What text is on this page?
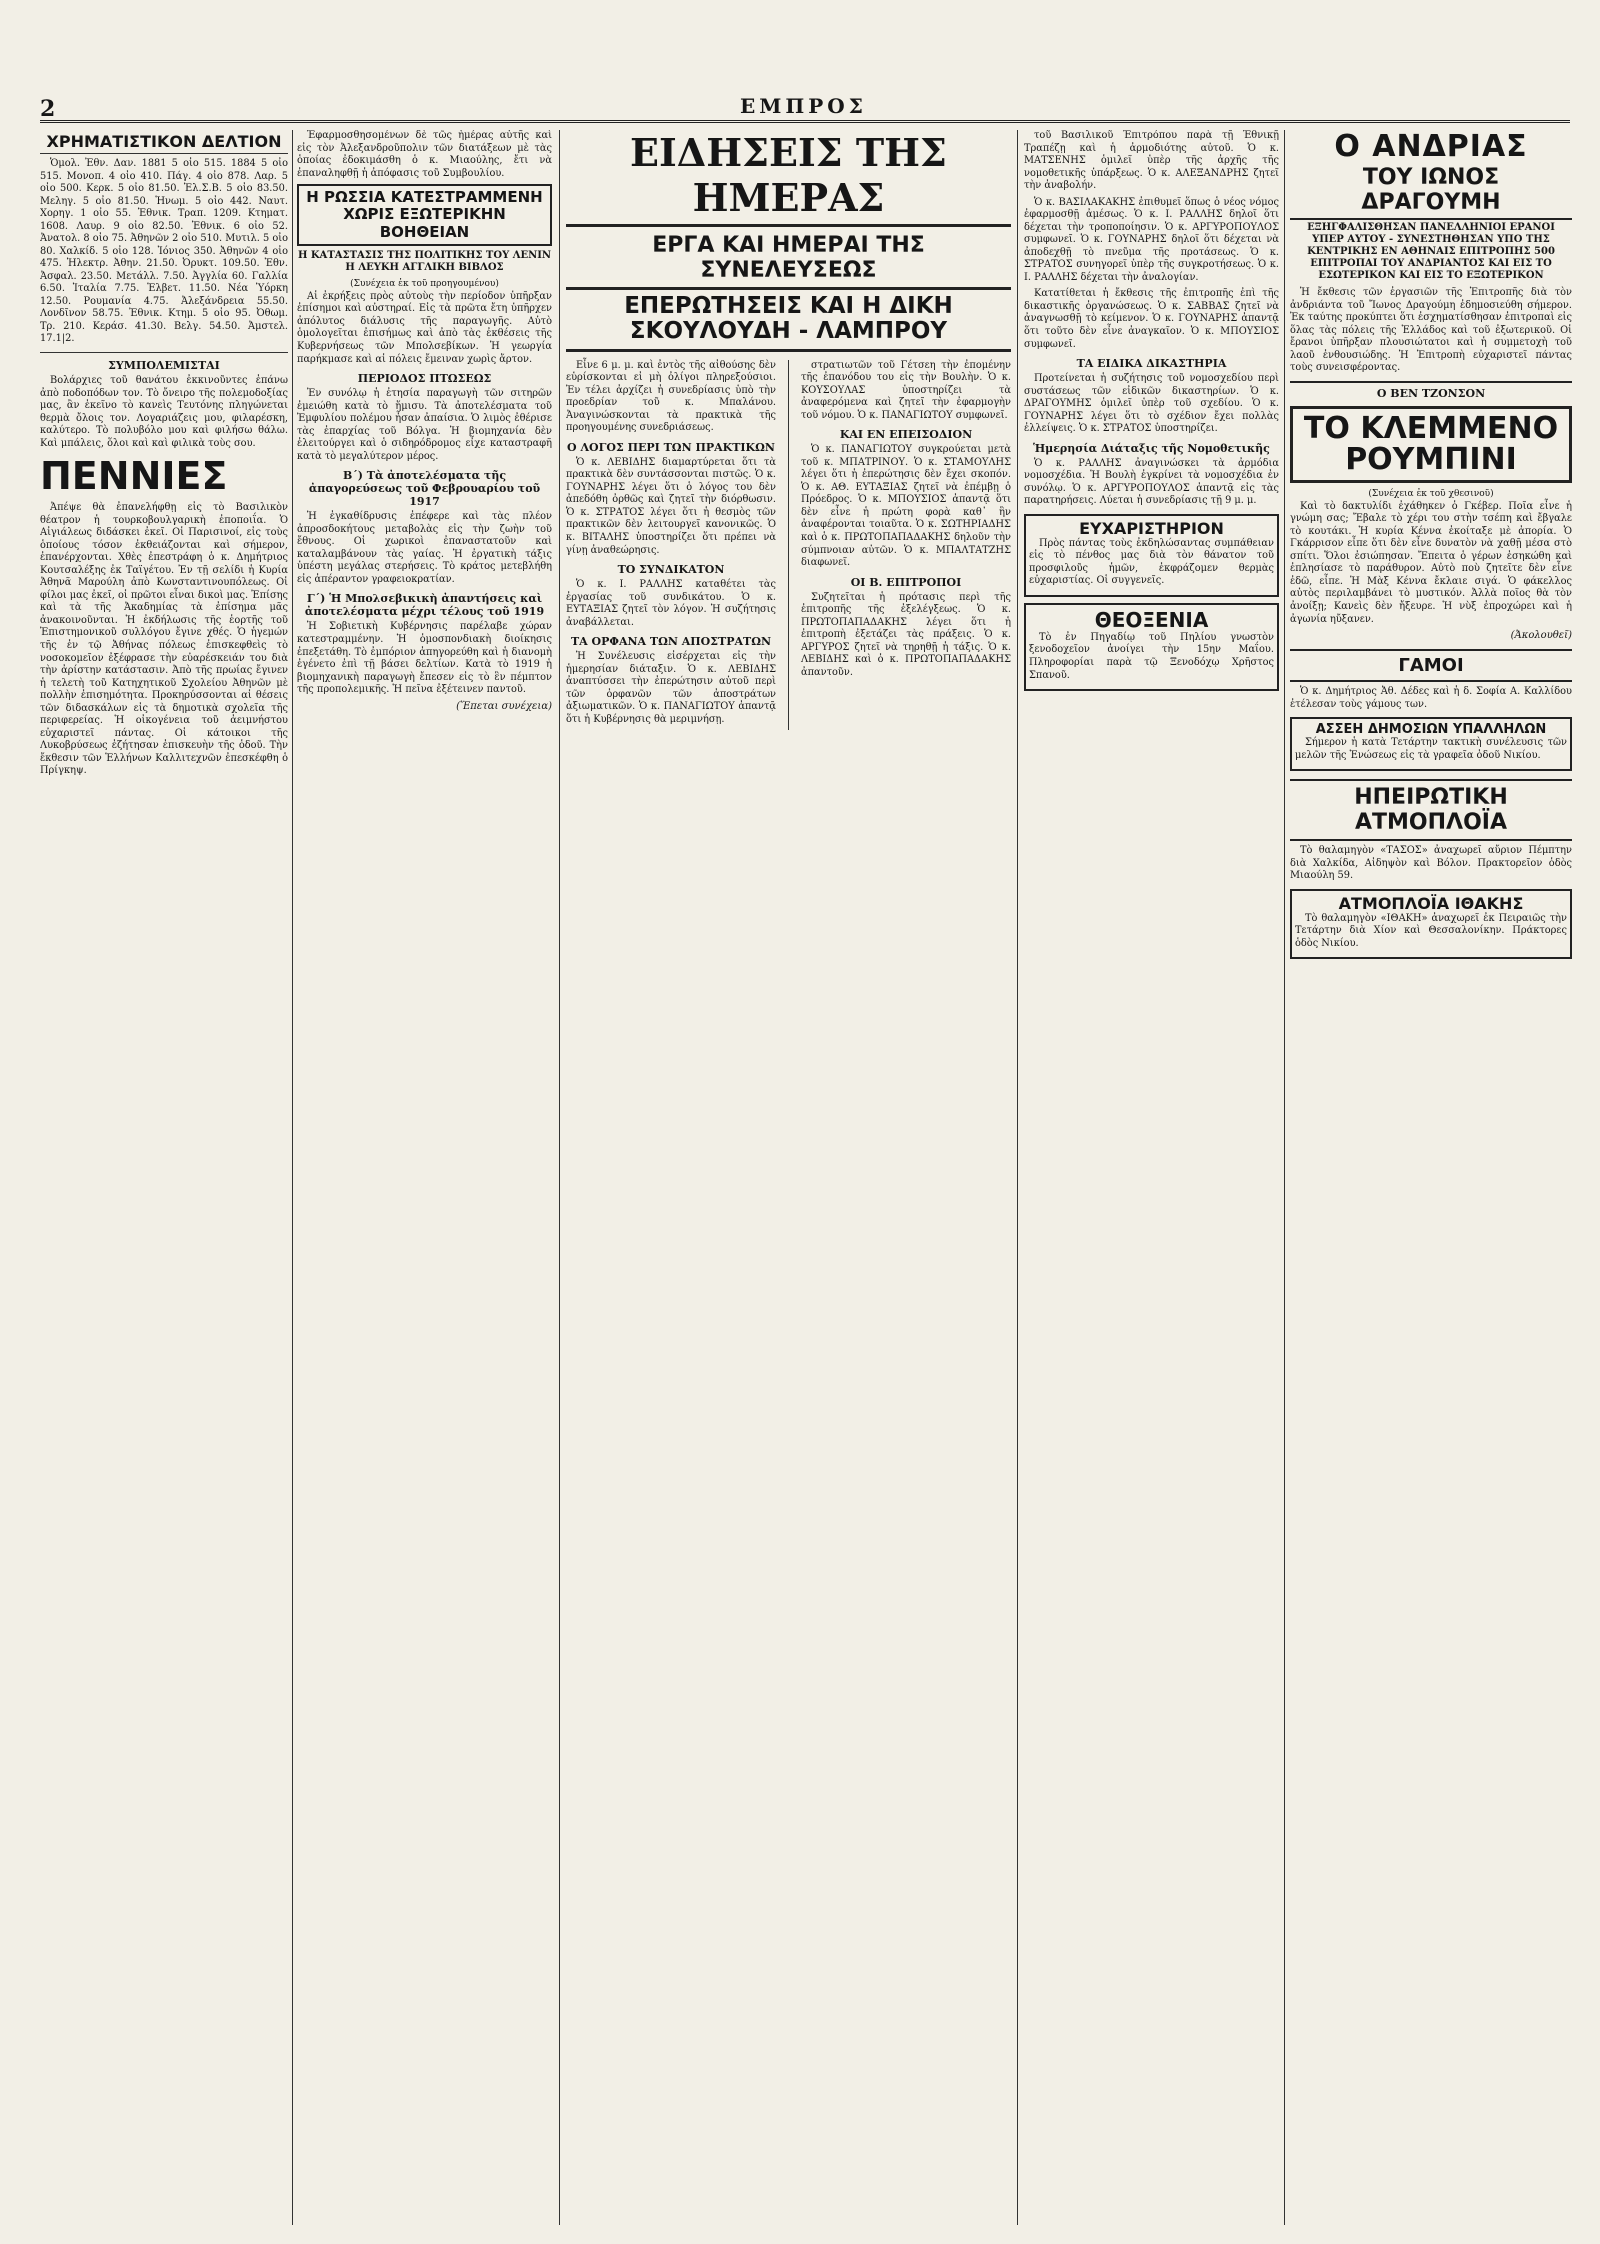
2	ΕΜΠΡΟΣ
ΧΡΗΜΑΤΙΣΤΙΚΟΝ ΔΕΛΤΙΟΝ

Ὁμολ. Ἐθν. Δαν. 1881 5 οἰο 515. 1884 5 οἰο 515. Μονοπ. 4 οἰο 410. Πάγ. 4 οἰο 878. Λαρ. 5 οἰο 500. Κερκ. 5 οἰο 81.50. Ἐλ.Σ.Β. 5 οἰο 83.50. Μεληγ. 5 οἰο 81.50. Ἡνωμ. 5 οἰο 442. Ναυτ. Χορηγ. 1 οἰο 55. Ἐθνικ. Τραπ. 1209. Κτηματ. 1608. Λαυρ. 9 οἰο 82.50. Ἐθνικ. 6 οἰο 52. Ἀνατολ. 8 οἰο 75. Ἀθηνῶν 2 οἰο 510. Μυτιλ. 5 οἰο 80. Χαλκίδ. 5 οἰο 128. Ἰόνιος 350. Ἀθηνῶν 4 οἰο 475. Ἡλεκτρ. Ἀθην. 21.50. Ὀρυκτ. 109.50. Ἐθν. Ἀσφαλ. 23.50. Μετάλλ. 7.50. Ἀγγλία 60. Γαλλία 6.50. Ἰταλία 7.75. Ἑλβετ. 11.50. Νέα Ὑόρκη 12.50. Ρουμανία 4.75. Ἀλεξάνδρεια 55.50. Λονδῖνον 58.75. Ἐθνικ. Κτημ. 5 οἰο 95. Ὀθωμ. Τρ. 210. Κεράσ. 41.30. Βελγ. 54.50. Ἀμστελ. 17.1|2.

ΣΥΜΠΟΛΕΜΙΣΤΑΙ

Βολάρχιες τοῦ θανάτου ἐκκινοῦντες ἐπάνω ἀπὸ ποδοπόδων τον. Τὸ ὄνειρο τῆς πολεμοδοξίας μας, ἂν ἐκεῖνο τὸ κανεὶς Τευτόνης πληγώνεται θερμὰ ὄλοις τον. Λογαριάζεις μου, φιλαρέσκη, καλύτερο. Τὸ πολυβόλο μου καὶ φιλήσω θάλω. Καὶ μπάλεις, ὅλοι καὶ καὶ φιλικὰ τοὺς σου.

ΠΕΝΝΙΕΣ

Ἀπέψε θὰ ἐπανελήφθῃ εἰς τὸ Βασιλικὸν θέατρον ἡ τουρκοβουλγαρικὴ ἐποποιΐα. Ὁ Αἰγιάλεως διδάσκει ἐκεῖ. Οἱ Παρισινοί, εἰς τοὺς ὁποίους τόσον ἐκθειάζονται καὶ σήμερον, ἐπανέρχονται. Χθὲς ἐπεστράφη ὁ κ. Δημήτριος Κουτσαλέξης ἐκ Ταϊγέτου. Ἐν τῇ σελίδι ἡ Κυρία Ἀθηνᾶ Μαρούλη ἀπὸ Κωνσταντινουπόλεως. Οἱ φίλοι μας ἐκεῖ, οἱ πρῶτοι εἶναι δικοὶ μας. Ἐπίσης καὶ τὰ τῆς Ἀκαδημίας τὰ ἐπίσημα μᾶς ἀνακοινοῦνται. Ἡ ἐκδήλωσις τῆς ἑορτῆς τοῦ Ἐπιστημονικοῦ συλλόγου ἔγινε χθές. Ὁ ἡγεμών τῆς ἐν τῷ Ἀθήνας πόλεως ἐπισκεφθεὶς τὸ νοσοκομεῖον ἐξέφρασε τὴν εὐαρέσκειάν του διὰ τὴν ἀρίστην κατάστασιν. Ἀπὸ τῆς πρωίας ἔγινεν ἡ τελετὴ τοῦ Κατηχητικοῦ Σχολείου Ἀθηνῶν μὲ πολλὴν ἐπισημότητα. Προκηρύσσονται αἱ θέσεις τῶν διδασκάλων εἰς τὰ δημοτικὰ σχολεῖα τῆς περιφερείας. Ἡ οἰκογένεια τοῦ ἀειμνήστου εὐχαριστεῖ πάντας. Οἱ κάτοικοι τῆς Λυκοβρύσεως ἐζήτησαν ἐπισκευὴν τῆς ὁδοῦ. Τὴν ἔκθεσιν τῶν Ἑλλήνων Καλλιτεχνῶν ἐπεσκέφθη ὁ Πρίγκηψ.

Ἐφαρμοσθησομένων δὲ τῶς ἡμέρας αὐτῆς καὶ εἰς τὸν Ἀλεξανδροῦπολιν τῶν διατάξεων μὲ τὰς ὁποίας ἐδοκιμάσθη ὁ κ. Μιαούλης, ἔτι νὰ ἐπαναληφθῇ ἡ ἀπόφασις τοῦ Συμβουλίου.

Η ΡΩΣΣΙΑ ΚΑΤΕΣΤΡΑΜΜΕΝΗ ΧΩΡΙΣ ΕΞΩΤΕΡΙΚΗΝ ΒΟΗΘΕΙΑΝ
Η ΚΑΤΑΣΤΑΣΙΣ ΤΗΣ ΠΟΛΙΤΙΚΗΣ ΤΟΥ ΛΕΝΙΝ Η ΛΕΥΚΗ ΑΓΓΛΙΚΗ ΒΙΒΛΟΣ
(Συνέχεια ἐκ τοῦ προηγουμένου)

Αἱ ἐκρήξεις πρὸς αὐτοὺς τὴν περίοδον ὑπῆρξαν ἐπίσημοι καὶ αὐστηραί. Εἰς τὰ πρῶτα ἔτη ὑπῆρχεν ἀπόλυτος διάλυσις τῆς παραγωγῆς. Αὐτὸ ὁμολογεῖται ἐπισήμως καὶ ἀπὸ τὰς ἐκθέσεις τῆς Κυβερνήσεως τῶν Μπολσεβίκων. Ἡ γεωργία παρήκμασε καὶ αἱ πόλεις ἔμειναν χωρὶς ἄρτον.

ΠΕΡΙΟΔΟΣ ΠΤΩΣΕΩΣ

Ἐν συνόλῳ ἡ ἐτησία παραγωγὴ τῶν σιτηρῶν ἐμειώθη κατὰ τὸ ἥμισυ. Τὰ ἀποτελέσματα τοῦ Ἐμφυλίου πολέμου ἦσαν ἀπαίσια. Ὁ λιμὸς ἐθέρισε τὰς ἐπαρχίας τοῦ Βόλγα. Ἡ βιομηχανία δὲν ἐλειτούργει καὶ ὁ σιδηρόδρομος εἶχε καταστραφῆ κατὰ τὸ μεγαλύτερον μέρος.

Β΄) Τὰ ἀποτελέσματα τῆς ἀπαγορεύσεως τοῦ Φεβρουαρίου τοῦ 1917

Ἡ ἐγκαθίδρυσις ἐπέφερε καὶ τὰς πλέον ἀπροσδοκήτους μεταβολὰς εἰς τὴν ζωὴν τοῦ ἔθνους. Οἱ χωρικοὶ ἐπαναστατοῦν καὶ καταλαμβάνουν τὰς γαίας. Ἡ ἐργατικὴ τάξις ὑπέστη μεγάλας στερήσεις. Τὸ κράτος μετεβλήθη εἰς ἀπέραντον γραφειοκρατίαν.

Γ΄) Ἡ Μπολσεβικικὴ ἀπαντήσεις καὶ ἀποτελέσματα μέχρι τέλους τοῦ 1919

Ἡ Σοβιετικὴ Κυβέρνησις παρέλαβε χώραν κατεστραμμένην. Ἡ ὁμοσπονδιακὴ διοίκησις ἐπεξετάθη. Τὸ ἐμπόριον ἀπηγορεύθη καὶ ἡ διανομὴ ἐγένετο ἐπὶ τῇ βάσει δελτίων. Κατὰ τὸ 1919 ἡ βιομηχανικὴ παραγωγὴ ἔπεσεν εἰς τὸ ἓν πέμπτον τῆς προπολεμικῆς. Ἡ πεῖνα ἐξέτεινεν παντοῦ.

(Ἕπεται συνέχεια)
ΕΙΔΗΣΕΙΣ ΤΗΣ ΗΜΕΡΑΣ
ΕΡΓΑ ΚΑΙ ΗΜΕΡΑΙ ΤΗΣ ΣΥΝΕΛΕΥΣΕΩΣ
ΕΠΕΡΩΤΗΣΕΙΣ ΚΑΙ Η ΔΙΚΗ ΣΚΟΥΛΟΥΔΗ - ΛΑΜΠΡΟΥ

Εἶνε 6 μ. μ. καὶ ἐντὸς τῆς αἰθούσης δὲν εὑρίσκονται εἰ μὴ ὀλίγοι πληρεξούσιοι. Ἐν τέλει ἀρχίζει ἡ συνεδρίασις ὑπὸ τὴν προεδρίαν τοῦ κ. Μπαλάνου. Ἀναγινώσκονται τὰ πρακτικὰ τῆς προηγουμένης συνεδριάσεως.

Ο ΛΟΓΟΣ ΠΕΡΙ ΤΩΝ ΠΡΑΚΤΙΚΩΝ

Ὁ κ. ΛΕΒΙΔΗΣ διαμαρτύρεται ὅτι τὰ πρακτικὰ δὲν συντάσσονται πιστῶς. Ὁ κ. ΓΟΥΝΑΡΗΣ λέγει ὅτι ὁ λόγος του δὲν ἀπεδόθη ὀρθῶς καὶ ζητεῖ τὴν διόρθωσιν. Ὁ κ. ΣΤΡΑΤΟΣ λέγει ὅτι ἡ θεσμὸς τῶν πρακτικῶν δὲν λειτουργεῖ κανονικῶς. Ὁ κ. ΒΙΤΑΛΗΣ ὑποστηρίζει ὅτι πρέπει νὰ γίνῃ ἀναθεώρησις.

ΤΟ ΣΥΝΔΙΚΑΤΟΝ

Ὁ κ. Ι. ΡΑΛΛΗΣ καταθέτει τὰς ἐργασίας τοῦ συνδικάτου. Ὁ κ. ΕΥΤΑΞΙΑΣ ζητεῖ τὸν λόγον. Ἡ συζήτησις ἀναβάλλεται.

ΤΑ ΟΡΦΑΝΑ ΤΩΝ ΑΠΟΣΤΡΑΤΩΝ

Ἡ Συνέλευσις εἰσέρχεται εἰς τὴν ἡμερησίαν διάταξιν. Ὁ κ. ΛΕΒΙΔΗΣ ἀναπτύσσει τὴν ἐπερώτησιν αὐτοῦ περὶ τῶν ὀρφανῶν τῶν ἀποστράτων ἀξιωματικῶν. Ὁ κ. ΠΑΝΑΓΙΩΤΟΥ ἀπαντᾷ ὅτι ἡ Κυβέρνησις θὰ μεριμνήσῃ.

στρατιωτῶν τοῦ Γέτσεη τὴν ἐπομένην τῆς ἐπανόδου του εἰς τὴν Βουλὴν. Ὁ κ. ΚΟΥΣΟΥΛΑΣ ὑποστηρίζει τὰ ἀναφερόμενα καὶ ζητεῖ τὴν ἐφαρμογὴν τοῦ νόμου. Ὁ κ. ΠΑΝΑΓΙΩΤΟΥ συμφωνεῖ.

ΚΑΙ ΕΝ ΕΠΕΙΣΟΔΙΟΝ

Ὁ κ. ΠΑΝΑΓΙΩΤΟΥ συγκρούεται μετὰ τοῦ κ. ΜΠΑΤΡΙΝΟΥ. Ὁ κ. ΣΤΑΜΟΥΛΗΣ λέγει ὅτι ἡ ἐπερώτησις δὲν ἔχει σκοπόν. Ὁ κ. ΑΘ. ΕΥΤΑΞΙΑΣ ζητεῖ νὰ ἐπέμβῃ ὁ Πρόεδρος. Ὁ κ. ΜΠΟΥΣΙΟΣ ἀπαντᾷ ὅτι δὲν εἶνε ἡ πρώτη φορὰ καθ᾽ ἣν ἀναφέρονται τοιαῦτα. Ὁ κ. ΣΩΤΗΡΙΑΔΗΣ καὶ ὁ κ. ΠΡΩΤΟΠΑΠΑΔΑΚΗΣ δηλοῦν τὴν σύμπνοιαν αὐτῶν. Ὁ κ. ΜΠΑΛΤΑΤΖΗΣ διαφωνεῖ.

ΟΙ Β. ΕΠΙΤΡΟΠΟΙ

Συζητεῖται ἡ πρότασις περὶ τῆς ἐπιτροπῆς τῆς ἐξελέγξεως. Ὁ κ. ΠΡΩΤΟΠΑΠΑΔΑΚΗΣ λέγει ὅτι ἡ ἐπιτροπὴ ἐξετάζει τὰς πράξεις. Ὁ κ. ΑΡΓΥΡΟΣ ζητεῖ νὰ τηρηθῇ ἡ τάξις. Ὁ κ. ΛΕΒΙΔΗΣ καὶ ὁ κ. ΠΡΩΤΟΠΑΠΑΔΑΚΗΣ ἀπαντοῦν.

τοῦ Βασιλικοῦ Ἐπιτρόπου παρὰ τῇ Ἐθνικῇ Τραπέζῃ καὶ ἡ ἀρμοδιότης αὐτοῦ. Ὁ κ. ΜΑΤΣΕΝΗΣ ὁμιλεῖ ὑπὲρ τῆς ἀρχῆς τῆς νομοθετικῆς ὑπάρξεως. Ὁ κ. ΑΛΕΞΑΝΔΡΗΣ ζητεῖ τὴν ἀναβολήν.

Ὁ κ. ΒΑΣΙΛΑΚΑΚΗΣ ἐπιθυμεῖ ὅπως ὁ νέος νόμος ἐφαρμοσθῇ ἀμέσως. Ὁ κ. Ι. ΡΑΛΛΗΣ δηλοῖ ὅτι δέχεται τὴν τροποποίησιν. Ὁ κ. ΑΡΓΥΡΟΠΟΥΛΟΣ συμφωνεῖ. Ὁ κ. ΓΟΥΝΑΡΗΣ δηλοῖ ὅτι δέχεται νὰ ἀποδεχθῇ τὸ πνεῦμα τῆς προτάσεως. Ὁ κ. ΣΤΡΑΤΟΣ συνηγορεῖ ὑπὲρ τῆς συγκροτήσεως. Ὁ κ. Ι. ΡΑΛΛΗΣ δέχεται τὴν ἀναλογίαν.

Κατατίθεται ἡ ἔκθεσις τῆς ἐπιτροπῆς ἐπὶ τῆς δικαστικῆς ὀργανώσεως. Ὁ κ. ΣΑΒΒΑΣ ζητεῖ νὰ ἀναγνωσθῇ τὸ κείμενον. Ὁ κ. ΓΟΥΝΑΡΗΣ ἀπαντᾷ ὅτι τοῦτο δὲν εἶνε ἀναγκαῖον. Ὁ κ. ΜΠΟΥΣΙΟΣ συμφωνεῖ.

ΤΑ ΕΙΔΙΚΑ ΔΙΚΑΣΤΗΡΙΑ

Προτείνεται ἡ συζήτησις τοῦ νομοσχεδίου περὶ συστάσεως τῶν εἰδικῶν δικαστηρίων. Ὁ κ. ΔΡΑΓΟΥΜΗΣ ὁμιλεῖ ὑπὲρ τοῦ σχεδίου. Ὁ κ. ΓΟΥΝΑΡΗΣ λέγει ὅτι τὸ σχέδιον ἔχει πολλὰς ἐλλείψεις. Ὁ κ. ΣΤΡΑΤΟΣ ὑποστηρίζει.

Ἡμερησία Διάταξις τῆς Νομοθετικῆς

Ὁ κ. ΡΑΛΛΗΣ ἀναγινώσκει τὰ ἀρμόδια νομοσχέδια. Ἡ Βουλὴ ἐγκρίνει τὰ νομοσχέδια ἐν συνόλῳ. Ὁ κ. ΑΡΓΥΡΟΠΟΥΛΟΣ ἀπαντᾷ εἰς τὰς παρατηρήσεις. Λύεται ἡ συνεδρίασις τῇ 9 μ. μ.

ΕΥΧΑΡΙΣΤΗΡΙΟΝ

Πρὸς πάντας τοὺς ἐκδηλώσαντας συμπάθειαν εἰς τὸ πένθος μας διὰ τὸν θάνατον τοῦ προσφιλοῦς ἡμῶν, ἐκφράζομεν θερμὰς εὐχαριστίας. Οἱ συγγενεῖς.

ΘΕΟΞΕΝΙΑ

Τὸ ἐν Πηγαδίῳ τοῦ Πηλίου γνωστὸν ξενοδοχεῖον ἀνοίγει τὴν 15ην Μαΐου. Πληροφορίαι παρὰ τῷ Ξενοδόχῳ Χρῆστος Σπανοῦ.

Ο ΑΝΔΡΙΑΣ
ΤΟΥ ΙΩΝΟΣ ΔΡΑΓΟΥΜΗ
ΕΞΗΓΦΑΛΙΣΘΗΣΑΝ ΠΑΝΕΛΛΗΝΙΟΙ ΕΡΑΝΟΙ ΥΠΕΡ ΑΥΤΟΥ - ΣΥΝΕΣΤΗΘΗΣΑΝ ΥΠΟ ΤΗΣ ΚΕΝΤΡΙΚΗΣ ΕΝ ΑΘΗΝΑΙΣ ΕΠΙΤΡΟΠΗΣ 500 ΕΠΙΤΡΟΠΑΙ ΤΟΥ ΑΝΔΡΙΑΝΤΟΣ ΚΑΙ ΕΙΣ ΤΟ ΕΣΩΤΕΡΙΚΟΝ ΚΑΙ ΕΙΣ ΤΟ ΕΞΩΤΕΡΙΚΟΝ

Ἡ ἔκθεσις τῶν ἐργασιῶν τῆς Ἐπιτροπῆς διὰ τὸν ἀνδριάντα τοῦ Ἴωνος Δραγούμη ἐδημοσιεύθη σήμερον. Ἐκ ταύτης προκύπτει ὅτι ἐσχηματίσθησαν ἐπιτροπαὶ εἰς ὅλας τὰς πόλεις τῆς Ἑλλάδος καὶ τοῦ ἐξωτερικοῦ. Οἱ ἔρανοι ὑπῆρξαν πλουσιώτατοι καὶ ἡ συμμετοχὴ τοῦ λαοῦ ἐνθουσιώδης. Ἡ Ἐπιτροπὴ εὐχαριστεῖ πάντας τοὺς συνεισφέροντας.

Ο ΒΕΝ ΤΖΟΝΣΟΝ
ΤΟ ΚΛΕΜΜΕΝΟ ΡΟΥΜΠΙΝΙ
(Συνέχεια ἐκ τοῦ χθεσινοῦ)

Καὶ τὸ δακτυλίδι ἐχάθηκεν ὁ Γκέβερ. Ποῖα εἶνε ἡ γνώμη σας; Ἔβαλε τὸ χέρι του στὴν τσέπη καὶ ἔβγαλε τὸ κουτάκι. Ἡ κυρία Κέννα ἐκοίταξε μὲ ἀπορία. Ὁ Γκάρρισον εἶπε ὅτι δὲν εἶνε δυνατὸν νὰ χαθῇ μέσα στὸ σπίτι. Ὅλοι ἐσιώπησαν. Ἔπειτα ὁ γέρων ἐσηκώθη καὶ ἐπλησίασε τὸ παράθυρον. Αὐτὸ ποὺ ζητεῖτε δὲν εἶνε ἐδῶ, εἶπε. Ἡ Μὰξ Κέννα ἔκλαιε σιγά. Ὁ φάκελλος αὐτὸς περιλαμβάνει τὸ μυστικόν. Ἀλλὰ ποῖος θὰ τὸν ἀνοίξῃ; Κανεὶς δὲν ἤξευρε. Ἡ νὺξ ἐπροχώρει καὶ ἡ ἀγωνία ηὔξανεν.

(Ἀκολουθεῖ)
ΓΑΜΟΙ

Ὁ κ. Δημήτριος Ἀθ. Δέδες καὶ ἡ δ. Σοφία Α. Καλλίδου ἐτέλεσαν τοὺς γάμους των.

ΑΣΣΕΗ ΔΗΜΟΣΙΩΝ ΥΠΑΛΛΗΛΩΝ

Σήμερον ἡ κατὰ Τετάρτην τακτικὴ συνέλευσις τῶν μελῶν τῆς Ἑνώσεως εἰς τὰ γραφεῖα ὁδοῦ Νικίου.

ΗΠΕΙΡΩΤΙΚΗ ΑΤΜΟΠΛΟΪΑ

Τὸ θαλαμηγὸν «ΤΑΣΟΣ» ἀναχωρεῖ αὔριον Πέμπτην διὰ Χαλκίδα, Αἰδηψὸν καὶ Βόλον. Πρακτορεῖον ὁδὸς Μιαούλη 59.

ΑΤΜΟΠΛΟΪΑ ΙΘΑΚΗΣ

Τὸ θαλαμηγὸν «ΙΘΑΚΗ» ἀναχωρεῖ ἐκ Πειραιῶς τὴν Τετάρτην διὰ Χίον καὶ Θεσσαλονίκην. Πράκτορες ὁδὸς Νικίου.
